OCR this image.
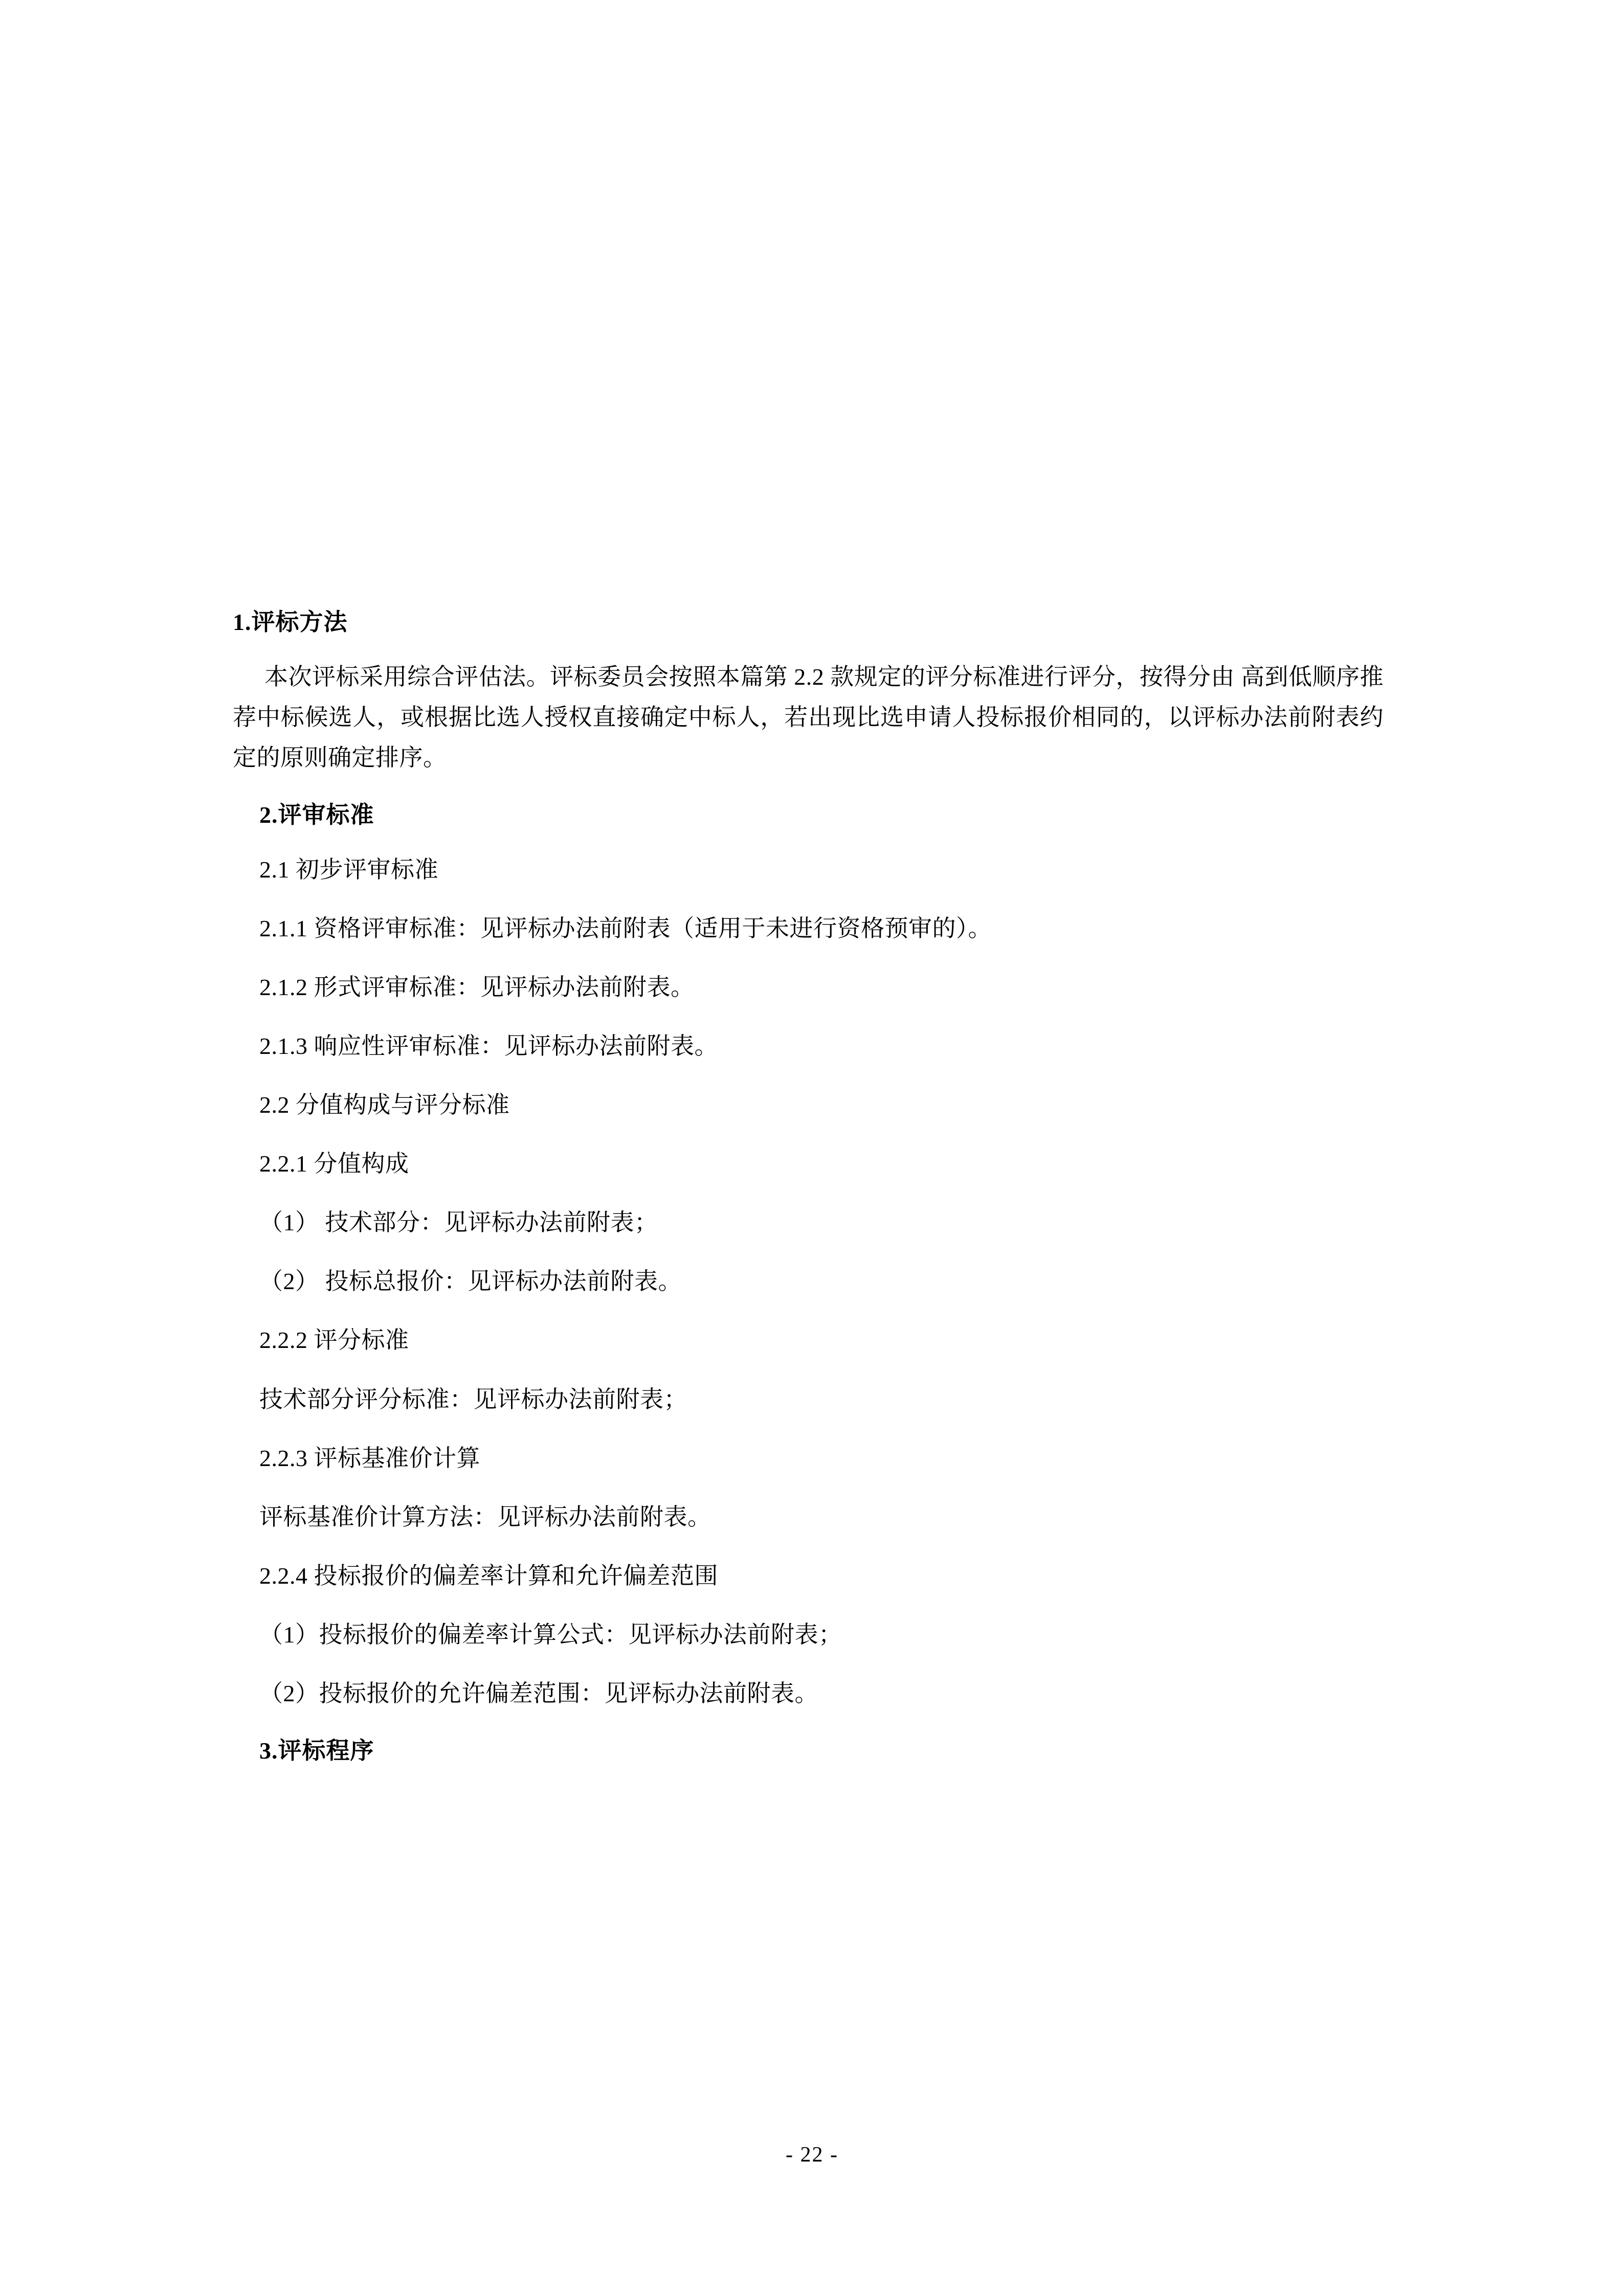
1.评标方法

本次评标采用综合评估法。评标委员会按照本篇第 2.2 款规定的评分标准进行评分，按得分由 高到低顺序推荐中标候选人，或根据比选人授权直接确定中标人，若出现比选申请人投标报价相同的，以评标办法前附表约定的原则确定排序。

2.评审标准

2.1 初步评审标准

2.1.1 资格评审标准：见评标办法前附表（适用于未进行资格预审的）。

2.1.2 形式评审标准：见评标办法前附表。

2.1.3 响应性评审标准：见评标办法前附表。

2.2 分值构成与评分标准

2.2.1 分值构成

（1） 技术部分：见评标办法前附表；

（2） 投标总报价：见评标办法前附表。

2.2.2 评分标准

技术部分评分标准：见评标办法前附表；

2.2.3 评标基准价计算

评标基准价计算方法：见评标办法前附表。

2.2.4 投标报价的偏差率计算和允许偏差范围

（1）投标报价的偏差率计算公式：见评标办法前附表；

（2）投标报价的允许偏差范围：见评标办法前附表。

3.评标程序

- 22 -
